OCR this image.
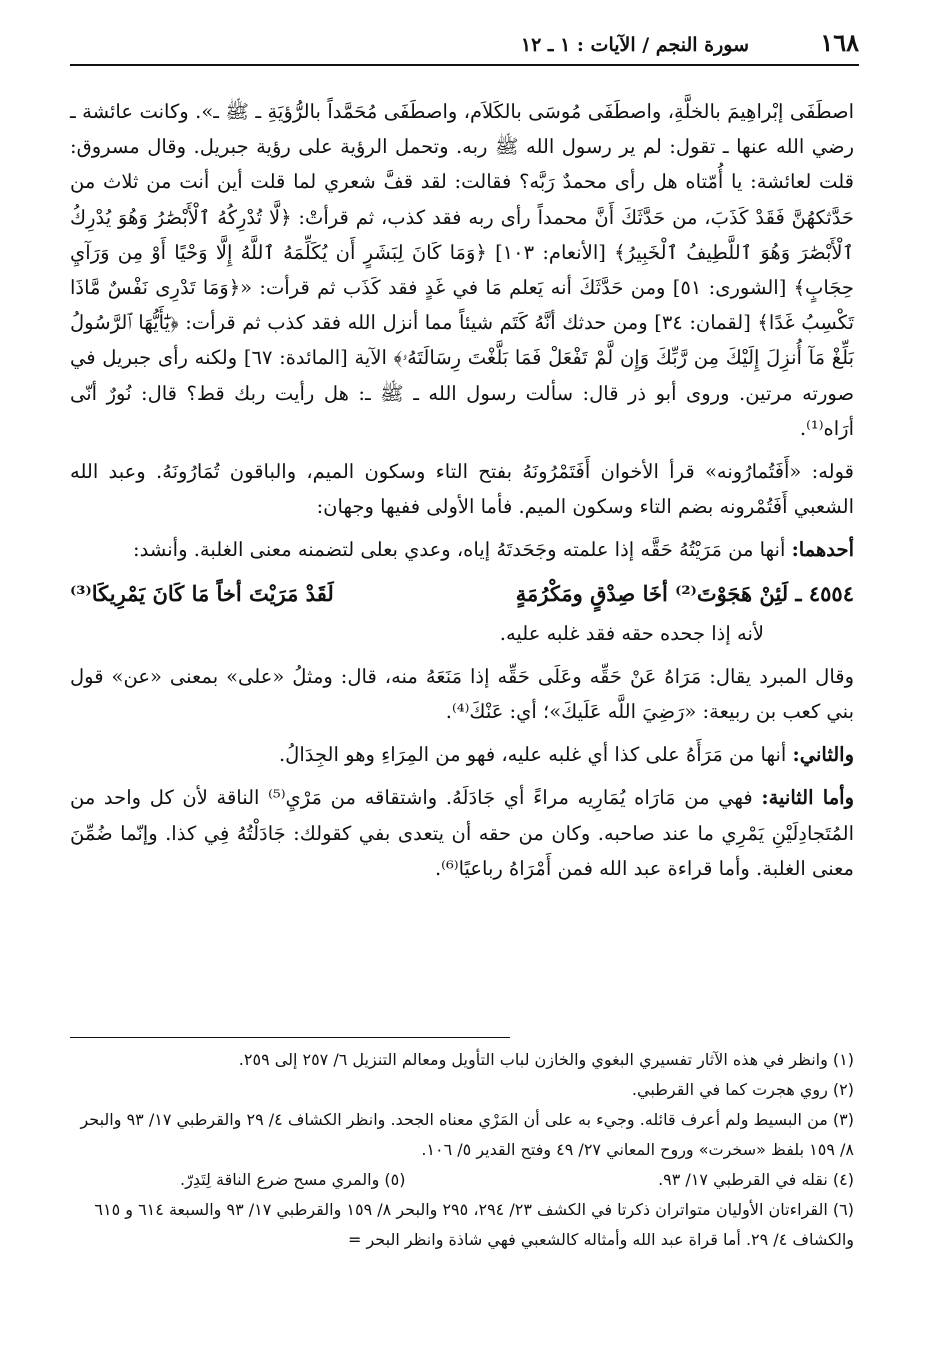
١٦٨
سورة النجم / الآيات : ١ ـ ١٢

اصطَفَى إبْراهِيمَ بالخلَّةِ، واصطَفَى مُوسَى بالكَلاَم، واصطَفَى مُحَمَّداً بالرُّؤيَةِ ـ ﷺ ـ». وكانت عائشة ـ رضي الله عنها ـ تقول: لم ير رسول الله ﷺ ربه. وتحمل الرؤية على رؤية جبريل. وقال مسروق: قلت لعائشة: يا أُمّتاه هل رأى محمدٌ رَبَّه؟ فقالت: لقد قفَّ شعري لما قلت أين أنت من ثلاث من حَدَّثكهُنَّ فَقَدْ كَذَبَ، من حَدَّثَكَ أَنَّ محمداً رأى ربه فقد كذب، ثم قرأتْ: ﴿لَّا تُدْرِكُهُ ٱلْأَبْصَٰرُ وَهُوَ يُدْرِكُ ٱلْأَبْصَٰرَ وَهُوَ ٱللَّطِيفُ ٱلْخَبِيرُ﴾ [الأنعام: ١٠٣] ﴿وَمَا كَانَ لِبَشَرٍ أَن يُكَلِّمَهُ ٱللَّهُ إِلَّا وَحْيًا أَوْ مِن وَرَآيِ حِجَابٍ﴾ [الشورى: ٥١] ومن حَدَّثَكَ أنه يَعلم مَا في غَدٍ فقد كَذَب ثم قرأت: «﴿وَمَا تَدْرِى نَفْسٌ مَّاذَا تَكْسِبُ غَدًا﴾ [لقمان: ٣٤] ومن حدثك أنَّهُ كَتَم شيئاً مما أنزل الله فقد كذب ثم قرأت: ﴿يَٰٓأَيُّهَا ٱلرَّسُولُ بَلِّغْ مَآ أُنزِلَ إِلَيْكَ مِن رَّبِّكَ وَإِن لَّمْ تَفْعَلْ فَمَا بَلَّغْتَ رِسَالَتَهُۥ﴾ الآية [المائدة: ٦٧] ولكنه رأى جبريل في صورته مرتين. وروى أبو ذر قال: سألت رسول الله ـ ﷺ ـ: هل رأيت ربك قط؟ قال: نُورٌ أنّى أرَاه⁽¹⁾.

قوله: «أَفَتُمارُونه» قرأ الأخوان أَفَتَمْرُونَهُ بفتح التاء وسكون الميم، والباقون تُمَارُونَهُ. وعبد الله الشعبي أَفَتُمْرونه بضم التاء وسكون الميم. فأما الأولى ففيها وجهان:

أحدهما: أنها من مَرَيْتُهُ حَقَّه إذا علمته وجَحَدتَهُ إياه، وعدي بعلى لتضمنه معنى الغلبة. وأنشد:

٤٥٥٤ ـ لَئِنْ هَجَوْتَ⁽²⁾ أخَا صِدْقٍ ومَكْرُمَةٍ
لَقَدْ مَرَيْتَ أخاً مَا كَانَ يَمْرِيكَا⁽³⁾

لأنه إذا جحده حقه فقد غلبه عليه.

وقال المبرد يقال: مَرَاهُ عَنْ حَقِّه وعَلَى حَقِّه إذا مَنَعَهُ منه، قال: ومثلُ «على» بمعنى «عن» قول بني كعب بن ربيعة: «رَضِيَ اللَّه عَلَيكَ»؛ أي: عَنْكَ⁽⁴⁾.

والثاني: أنها من مَرَأَهُ على كذا أي غلبه عليه، فهو من المِرَاءِ وهو الجِدَالُ.

وأما الثانية: فهي من مَارَاه يُمَارِيه مراءً أي جَادَلَهُ. واشتقاقه من مَرْيِ⁽⁵⁾ الناقة لأن كل واحد من المُتَجادِلَيْنِ يَمْرِي ما عند صاحبه. وكان من حقه أن يتعدى بفي كقولك: جَادَلْتُهُ فِي كذا. وإنّما ضُمِّنَ معنى الغلبة. وأما قراءة عبد الله فمن أَمْرَاهُ رباعيًا⁽⁶⁾.

(١) وانظر في هذه الآثار تفسيري البغوي والخازن لباب التأويل ومعالم التنزيل ٦/ ٢٥٧ إلى ٢٥٩.

(٢) روي هجرت كما في القرطبي.

(٣) من البسيط ولم أعرف قائله. وجيء به على أن المَرْي معناه الجحد. وانظر الكشاف ٤/ ٢٩ والقرطبي ١٧/ ٩٣ والبحر ٨/ ١٥٩ بلفظ «سخرت» وروح المعاني ٢٧/ ٤٩ وفتح القدير ٥/ ١٠٦.

(٤) نقله في القرطبي ١٧/ ٩٣.
(٥) والمري مسح ضرع الناقة لِتَدِرّ.

(٦) القراءتان الأوليان متواتران ذكرتا في الكشف ٢٣/ ٢٩٤، ٢٩٥ والبحر ٨/ ١٥٩ والقرطبي ١٧/ ٩٣ والسبعة ٦١٤ و ٦١٥ والكشاف ٤/ ٢٩. أما قراة عبد الله وأمثاله كالشعبي فهي شاذة وانظر البحر =
